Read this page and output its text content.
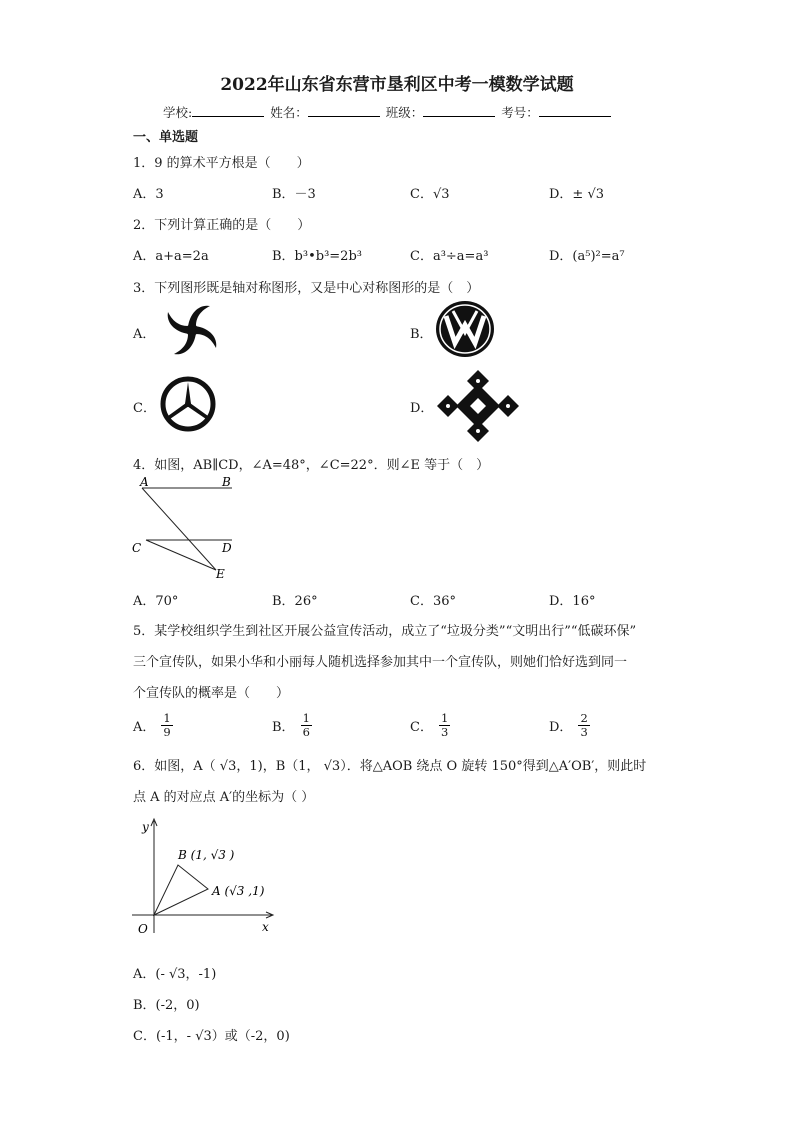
2022年山东省东营市垦利区中考一模数学试题
学校:	姓名：	班级：	考号：
一、单选题
1．9 的算术平方根是（　　）
A．3	B．－3	C．√3	D．± √3
2．下列计算正确的是（　　）
A．a+a=2a	B．b³•b³=2b³	C．a³÷a=a³	D．(a⁵)²=a⁷
3．下列图形既是轴对称图形，又是中心对称图形的是（　）
A．	B．
C．	D．
4．如图，AB∥CD，∠A=48°，∠C=22°．则∠E 等于（　）
A	B
C	D
E
A．70°	B．26°	C．36°	D．16°
5．某学校组织学生到社区开展公益宣传活动，成立了“垃圾分类”“文明出行”“低碳环保”
三个宣传队，如果小华和小丽每人随机选择参加其中一个宣传队，则她们恰好选到同一
个宣传队的概率是（　　）
A． $\frac{1}{9}$	B． $\frac{1}{6}$	C． $\frac{1}{3}$	D． $\frac{2}{3}$
6．如图，A（ √3，1)，B（1， √3）．将△AOB 绕点 O 旋转 150°得到△A′OB′，则此时
点 A 的对应点 A′的坐标为（ ）
y
x
O
B (1, √3 )
A (√3 ,1)
A．(- √3，-1)
B．(-2，0)
C．(-1，- √3）或（-2，0)
